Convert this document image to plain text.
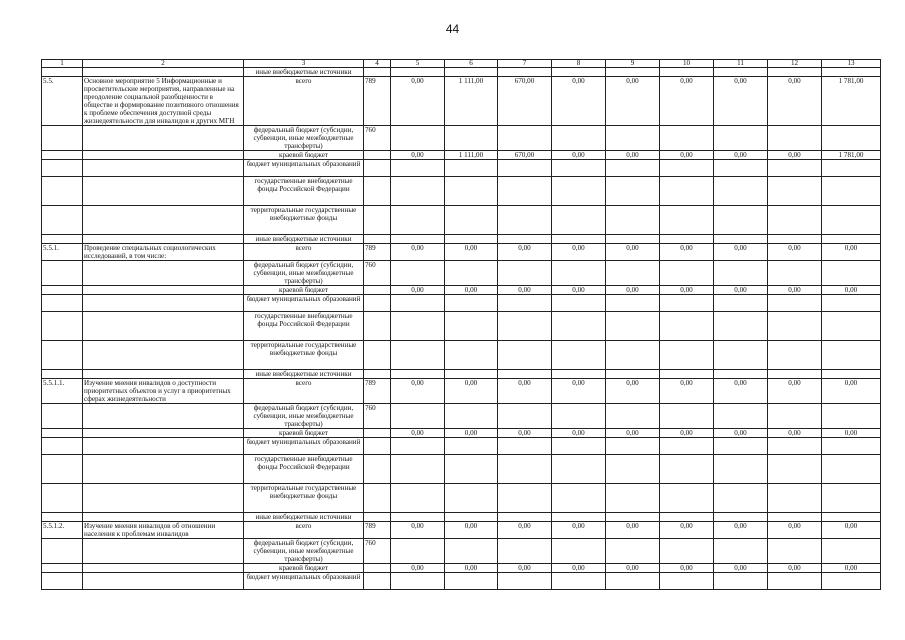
44
1	2	3	4	5	6	7	8	9	10	11	12	13
		иные внебюджетные источники										
5.5.	Основное мероприятие 5 Информационные и просветительские мероприятия, направленные на преодоление социальной разобщенности в обществе и формирование позитивного отношения к проблеме обеспечения доступной среды жизнедеятельности для инвалидов и других МГН	всего	789	0,00	1 111,00	670,00	0,00	0,00	0,00	0,00	0,00	1 781,00
		федеральный бюджет (субсидии, субвенции, иные межбюджетные трансферты)	760									
		краевой бюджет		0,00	1 111,00	670,00	0,00	0,00	0,00	0,00	0,00	1 781,00
		бюджет муниципальных образований										
		государственные внебюджетные фонды Российской Федерации										
		территориальные государственные внебюджетные фонды										
		иные внебюджетные источники										
5.5.1.	Проведение специальных социологических исследований, в том числе:	всего	789	0,00	0,00	0,00	0,00	0,00	0,00	0,00	0,00	0,00
		федеральный бюджет (субсидии, субвенции, иные межбюджетные трансферты)	760									
		краевой бюджет		0,00	0,00	0,00	0,00	0,00	0,00	0,00	0,00	0,00
		бюджет муниципальных образований										
		государственные внебюджетные фонды Российской Федерации										
		территориальные государственные внебюджетные фонды										
		иные внебюджетные источники										
5.5.1.1.	Изучение мнения инвалидов о доступности приоритетных объектов и услуг в приоритетных сферах жизнедеятельности	всего	789	0,00	0,00	0,00	0,00	0,00	0,00	0,00	0,00	0,00
		федеральный бюджет (субсидии, субвенции, иные межбюджетные трансферты)	760									
		краевой бюджет		0,00	0,00	0,00	0,00	0,00	0,00	0,00	0,00	0,00
		бюджет муниципальных образований										
		государственные внебюджетные фонды Российской Федерации										
		территориальные государственные внебюджетные фонды										
		иные внебюджетные источники										
5.5.1.2.	Изучение мнения инвалидов об отношении населения к проблемам инвалидов	всего	789	0,00	0,00	0,00	0,00	0,00	0,00	0,00	0,00	0,00
		федеральный бюджет (субсидии, субвенции, иные межбюджетные трансферты)	760									
		краевой бюджет		0,00	0,00	0,00	0,00	0,00	0,00	0,00	0,00	0,00
		бюджет муниципальных образований										
